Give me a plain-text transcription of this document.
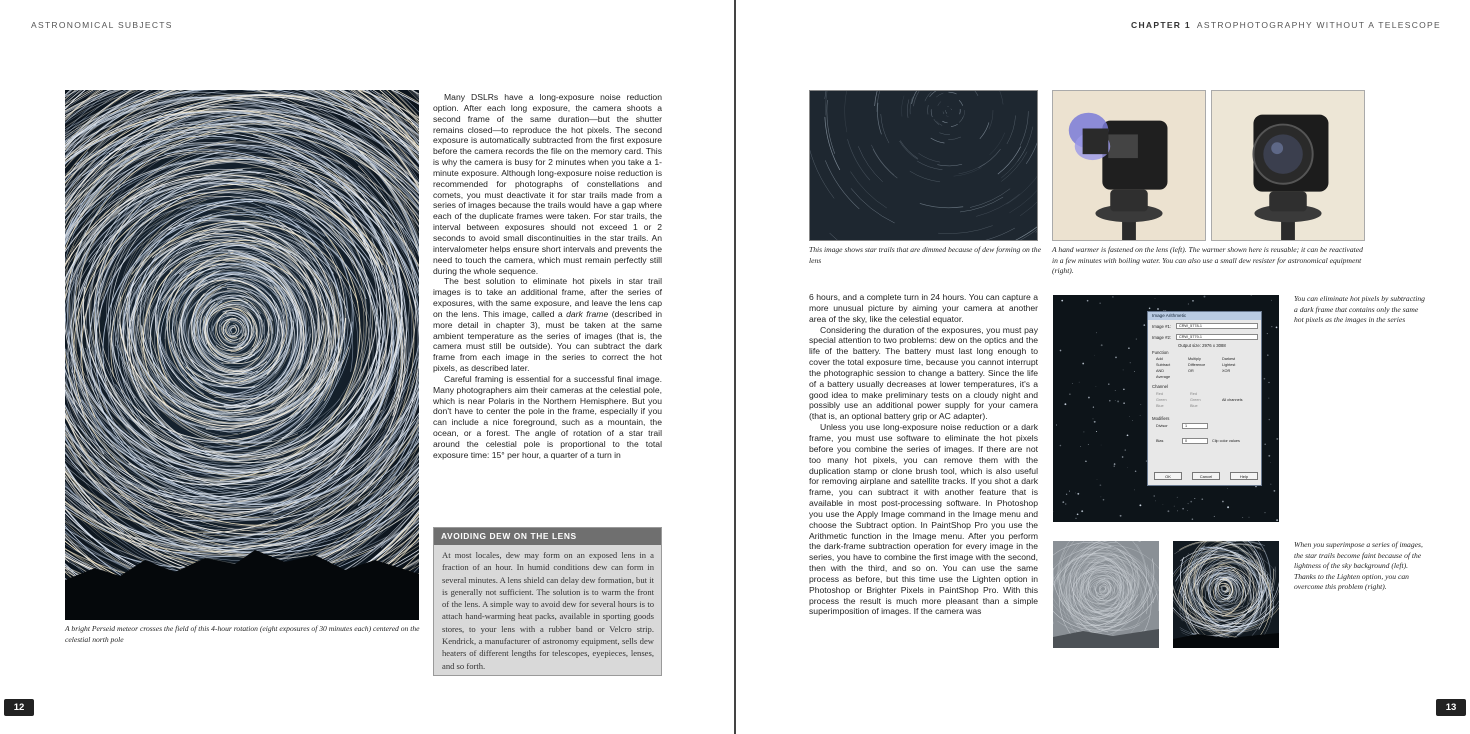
ASTRONOMICAL SUBJECTS
A bright Perseid meteor crosses the field of this 4-hour rotation (eight exposures of 30 minutes each) centered on the celestial north pole

Many DSLRs have a long-exposure noise reduction option. After each long exposure, the camera shoots a second frame of the same duration—but the shutter remains closed—to reproduce the hot pixels. The second exposure is automatically subtracted from the first exposure before the camera records the file on the memory card. This is why the camera is busy for 2 minutes when you take a 1-minute exposure. Although long-exposure noise reduction is recommended for photographs of constellations and comets, you must deactivate it for star trails made from a series of images because the trails would have a gap where each of the duplicate frames were taken. For star trails, the interval between exposures should not exceed 1 or 2 seconds to avoid small discontinuities in the star trails. An intervalometer helps ensure short intervals and prevents the need to touch the camera, which must remain perfectly still during the whole sequence.

The best solution to eliminate hot pixels in star trail images is to take an additional frame, after the series of exposures, with the same exposure, and leave the lens cap on the lens. This image, called a dark frame (described in more detail in chapter 3), must be taken at the same ambient temperature as the series of images (that is, the camera must still be outside). You can subtract the dark frame from each image in the series to correct the hot pixels, as described later.

Careful framing is essential for a successful final image. Many photographers aim their cameras at the celestial pole, which is near Polaris in the Northern Hemisphere. But you don't have to center the pole in the frame, especially if you can include a nice foreground, such as a mountain, the ocean, or a forest. The angle of rotation of a star trail around the celestial pole is proportional to the total exposure time: 15° per hour, a quarter of a turn in

AVOIDING DEW ON THE LENS
At most locales, dew may form on an exposed lens in a fraction of an hour. In humid conditions dew can form in several minutes. A lens shield can delay dew formation, but it is generally not sufficient. The solution is to warm the front of the lens. A simple way to avoid dew for several hours is to attach hand-warming heat packs, available in sporting goods stores, to your lens with a rubber band or Velcro strip. Kendrick, a manufacturer of astronomy equipment, sells dew heaters of different lengths for telescopes, eyepieces, lenses, and so forth.
12
CHAPTER 1 ASTROPHOTOGRAPHY WITHOUT A TELESCOPE
This image shows star trails that are dimmed because of dew forming on the lens
A hand warmer is fastened on the lens (left). The warmer shown here is reusable; it can be reactivated in a few minutes with boiling water. You can also use a small dew resister for astronomical equipment (right).

6 hours, and a complete turn in 24 hours. You can capture a more unusual picture by aiming your camera at another area of the sky, like the celestial equator.

Considering the duration of the exposures, you must pay special attention to two problems: dew on the optics and the life of the battery. The battery must last long enough to cover the total exposure time, because you cannot interrupt the photographic session to change a battery. Since the life of a battery usually decreases at lower temperatures, it's a good idea to make preliminary tests on a cloudy night and possibly use an additional power supply for your camera (that is, an optional battery grip or AC adapter).

Unless you use long-exposure noise reduction or a dark frame, you must use software to eliminate the hot pixels before you combine the series of images. If there are not too many hot pixels, you can remove them with the duplication stamp or clone brush tool, which is also useful for removing airplane and satellite tracks. If you shot a dark frame, you can subtract it with another feature that is available in most post-processing software. In Photoshop you use the Apply Image command in the Image menu and choose the Subtract option. In PaintShop Pro you use the Arithmetic function in the Image menu. After you perform the dark-frame subtraction operation for every image in the series, you have to combine the first image with the second, then with the third, and so on. You can use the same process as before, but this time use the Lighten option in Photoshop or Brighter Pixels in PaintShop Pro. With this process the result is much more pleasant than a simple superimposition of images. If the camera was

Image Arithmetic
Image #1:	CRW_5778-1
Image #2:	CRW_5779-1
Output size: 2976 x 3088
Function
Add
Subtract
AND
Average
Multiply
Difference
OR
Darkest
Lightest
XOR
Channel
Red
Green
Blue
Red
Green
Blue
All channels
Modifiers
Divisor	1
Bias	0	Clip color values
OK	Cancel	Help
You can eliminate hot pixels by subtracting a dark frame that contains only the same hot pixels as the images in the series
When you superimpose a series of images, the star trails become faint because of the lightness of the sky background (left). Thanks to the Lighten option, you can overcome this problem (right).
13
